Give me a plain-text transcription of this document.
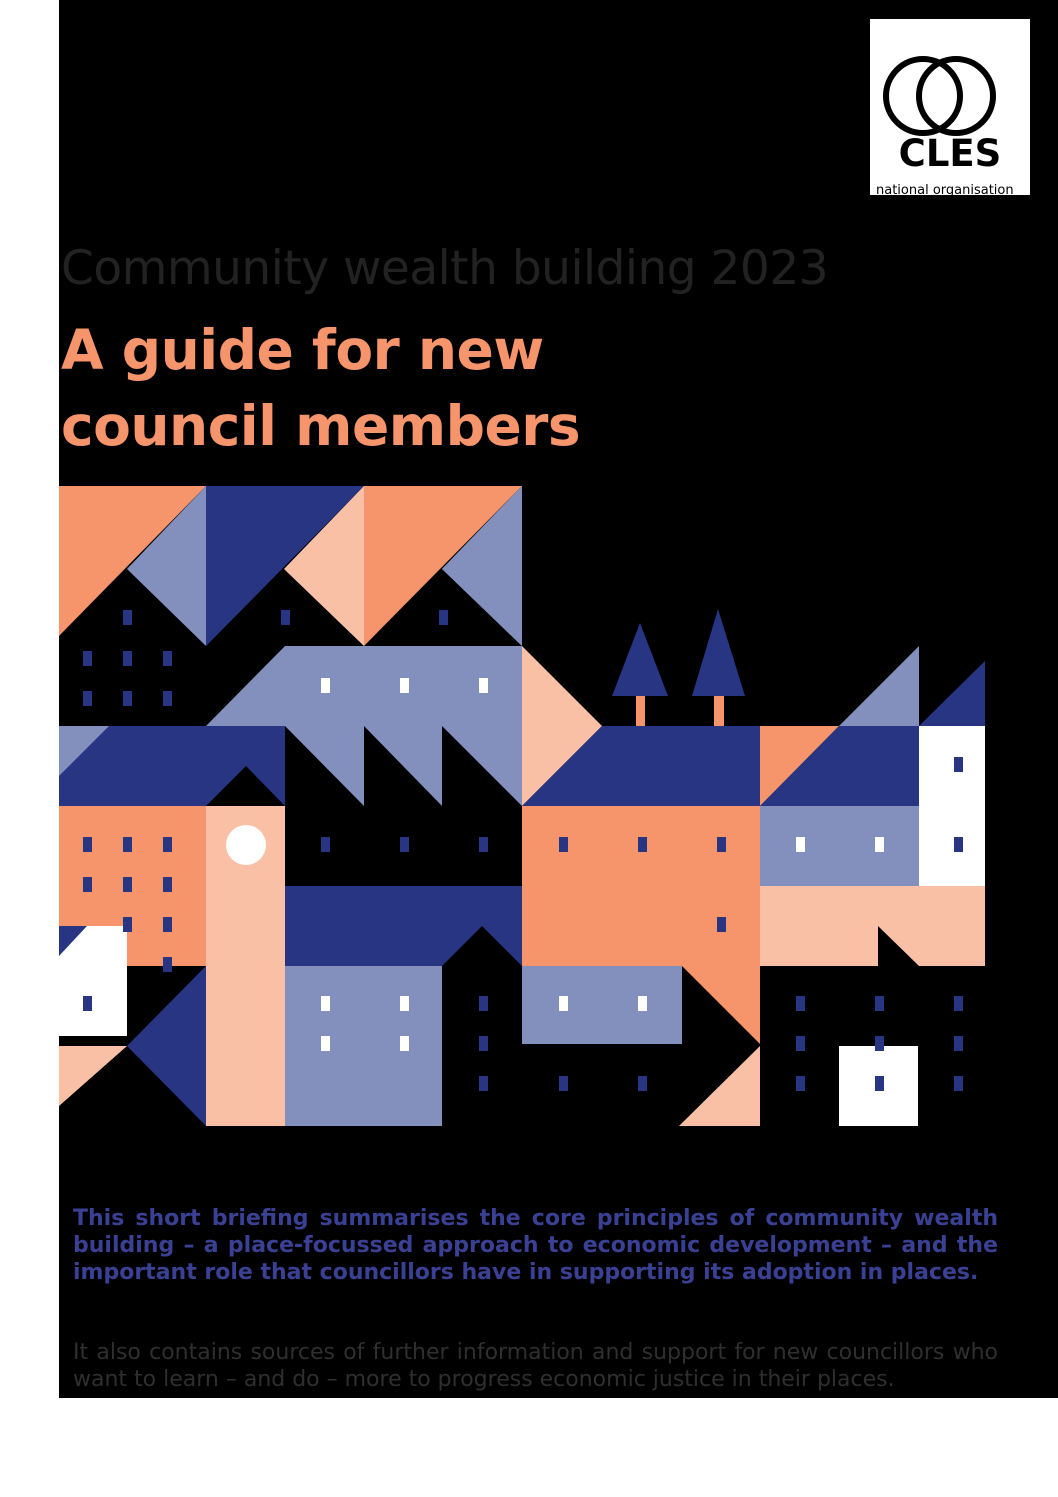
CLES
national organisation
for local economies
Community wealth building 2023
A guide for new
council members

This short briefing summarises the core principles of community wealth building – a place-focussed approach to economic development – and the important role that councillors have in supporting its adoption in places.

It also contains sources of further information and support for new councillors who want to learn – and do – more to progress economic justice in their places.
